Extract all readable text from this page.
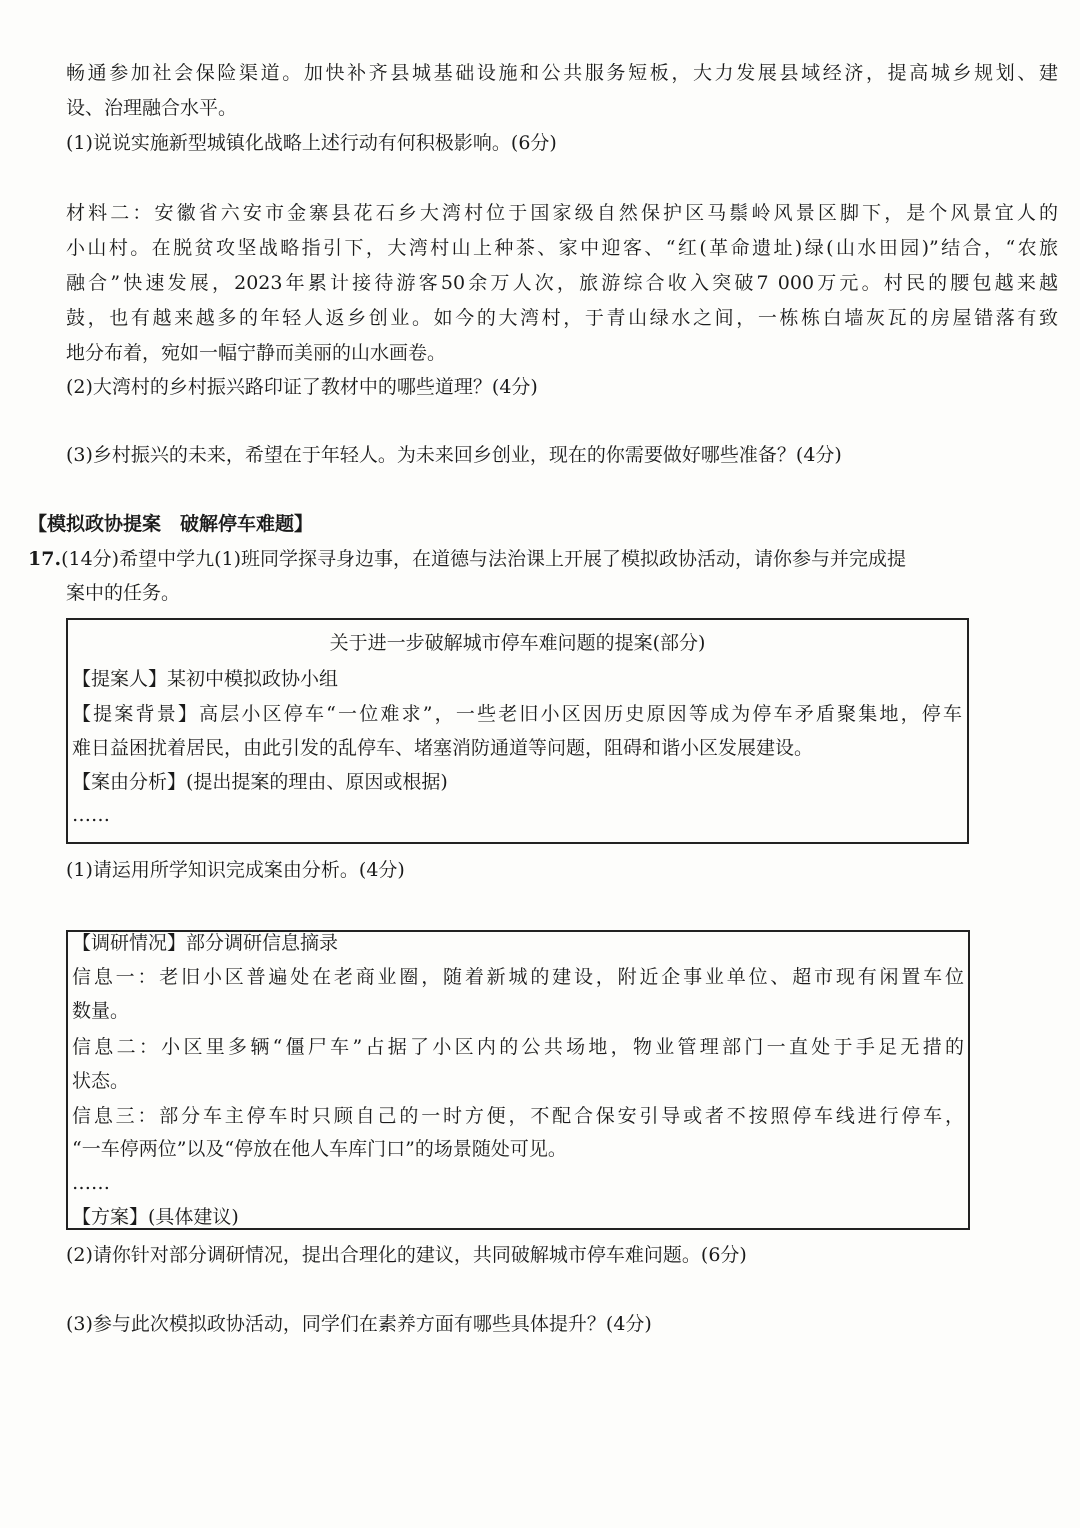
畅通参加社会保险渠道。加快补齐县城基础设施和公共服务短板，大力发展县域经济，提高城乡规划、建
设、治理融合水平。
(1)说说实施新型城镇化战略上述行动有何积极影响。(6分)
材料二：安徽省六安市金寨县花石乡大湾村位于国家级自然保护区马鬃岭风景区脚下，是个风景宜人的
小山村。在脱贫攻坚战略指引下，大湾村山上种茶、家中迎客、“红(革命遗址)绿(山水田园)”结合，“农旅
融合”快速发展，2023年累计接待游客50余万人次，旅游综合收入突破7 000万元。村民的腰包越来越
鼓，也有越来越多的年轻人返乡创业。如今的大湾村，于青山绿水之间，一栋栋白墙灰瓦的房屋错落有致
地分布着，宛如一幅宁静而美丽的山水画卷。
(2)大湾村的乡村振兴路印证了教材中的哪些道理？(4分)
(3)乡村振兴的未来，希望在于年轻人。为未来回乡创业，现在的你需要做好哪些准备？(4分)
【模拟政协提案　破解停车难题】
17.(14分)希望中学九(1)班同学探寻身边事，在道德与法治课上开展了模拟政协活动，请你参与并完成提
案中的任务。
关于进一步破解城市停车难问题的提案(部分)
【提案人】某初中模拟政协小组
【提案背景】高层小区停车“一位难求”，一些老旧小区因历史原因等成为停车矛盾聚集地，停车
难日益困扰着居民，由此引发的乱停车、堵塞消防通道等问题，阻碍和谐小区发展建设。
【案由分析】(提出提案的理由、原因或根据)
……
(1)请运用所学知识完成案由分析。(4分)
【调研情况】部分调研信息摘录
信息一：老旧小区普遍处在老商业圈，随着新城的建设，附近企事业单位、超市现有闲置车位
数量。
信息二：小区里多辆“僵尸车”占据了小区内的公共场地，物业管理部门一直处于手足无措的
状态。
信息三：部分车主停车时只顾自己的一时方便，不配合保安引导或者不按照停车线进行停车，
“一车停两位”以及“停放在他人车库门口”的场景随处可见。
……
【方案】(具体建议)
(2)请你针对部分调研情况，提出合理化的建议，共同破解城市停车难问题。(6分)
(3)参与此次模拟政协活动，同学们在素养方面有哪些具体提升？(4分)
